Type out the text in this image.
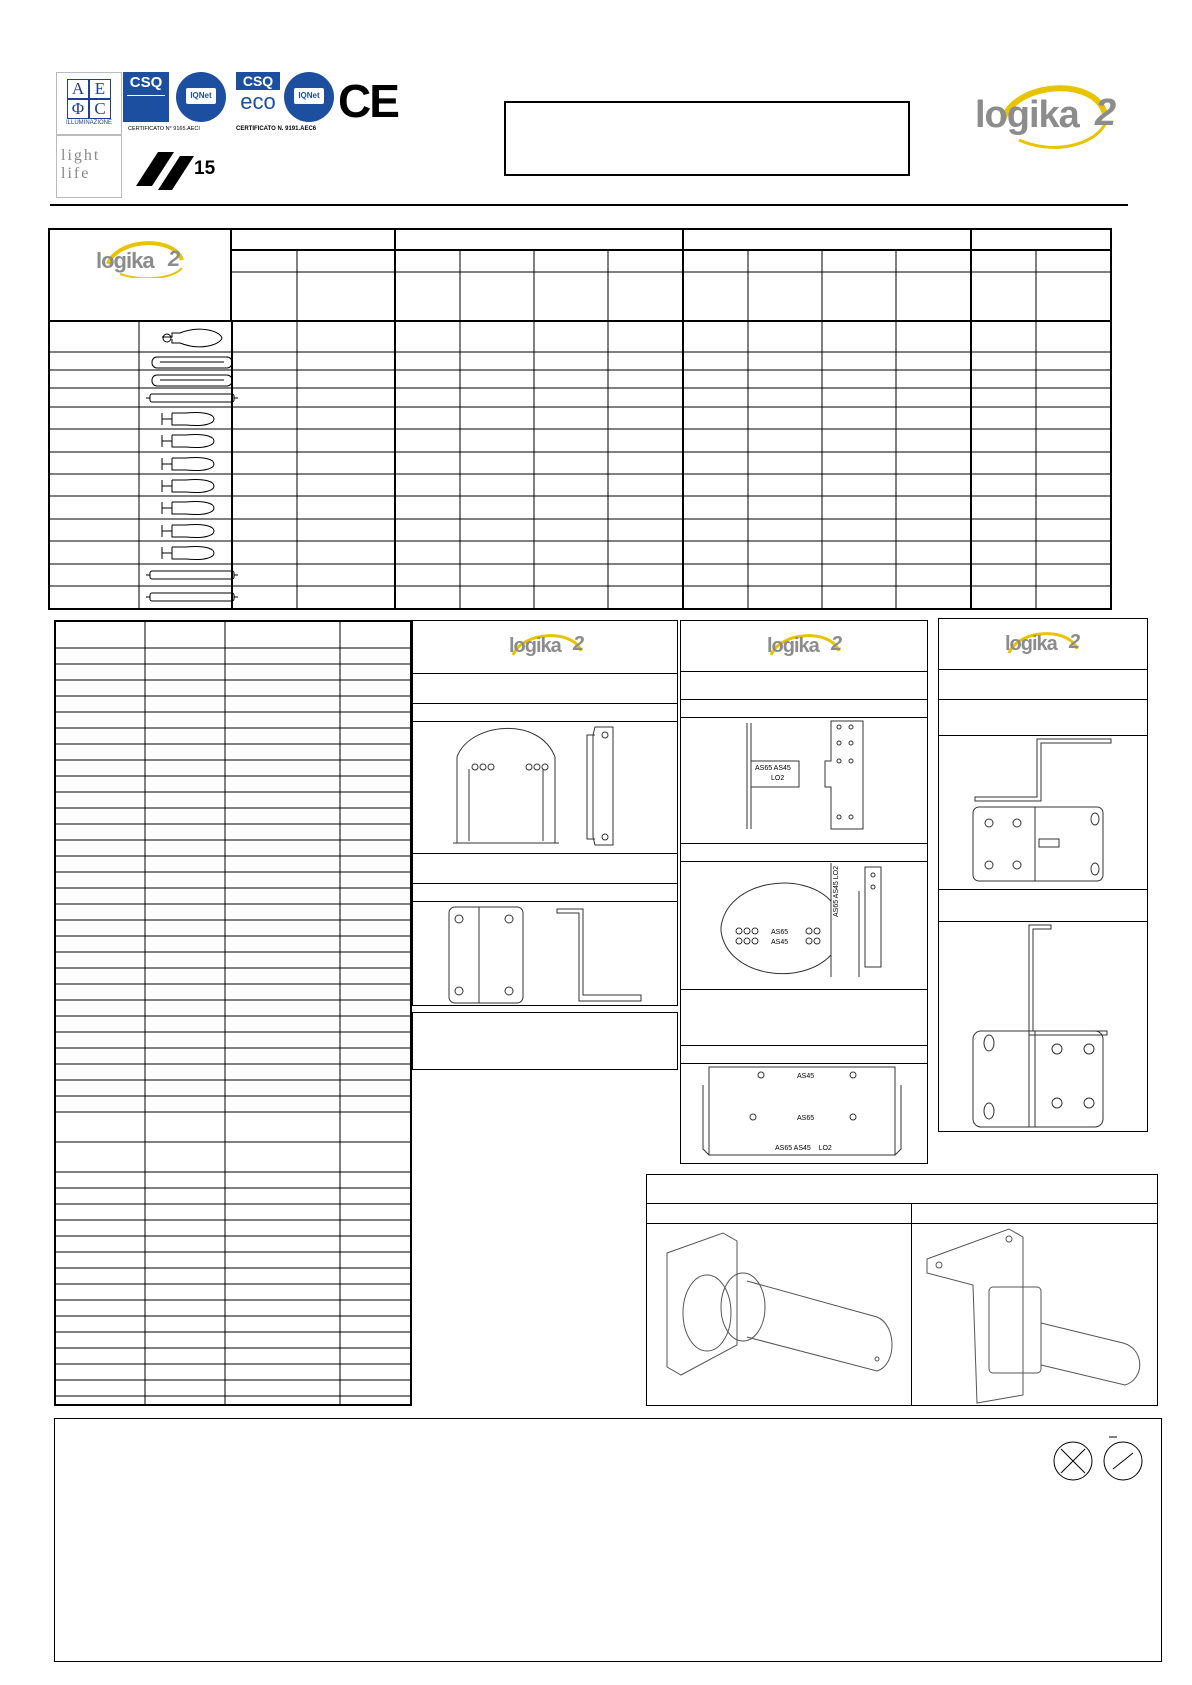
A E
Φ C
ILLUMINAZIONE
light life
CSQ
IQNet
CERTIFICATO N° 9165.AECI
CSQ
eco	IQNet
CERTIFICATO N. 9191.AEC6
CE
15
logika 2
logika 2
logika 2	logika 2
AS65 AS45
LO2
AS65
AS45
AS65 AS45 LO2
AS45
AS65
AS65 AS45    LO2
logika 2
